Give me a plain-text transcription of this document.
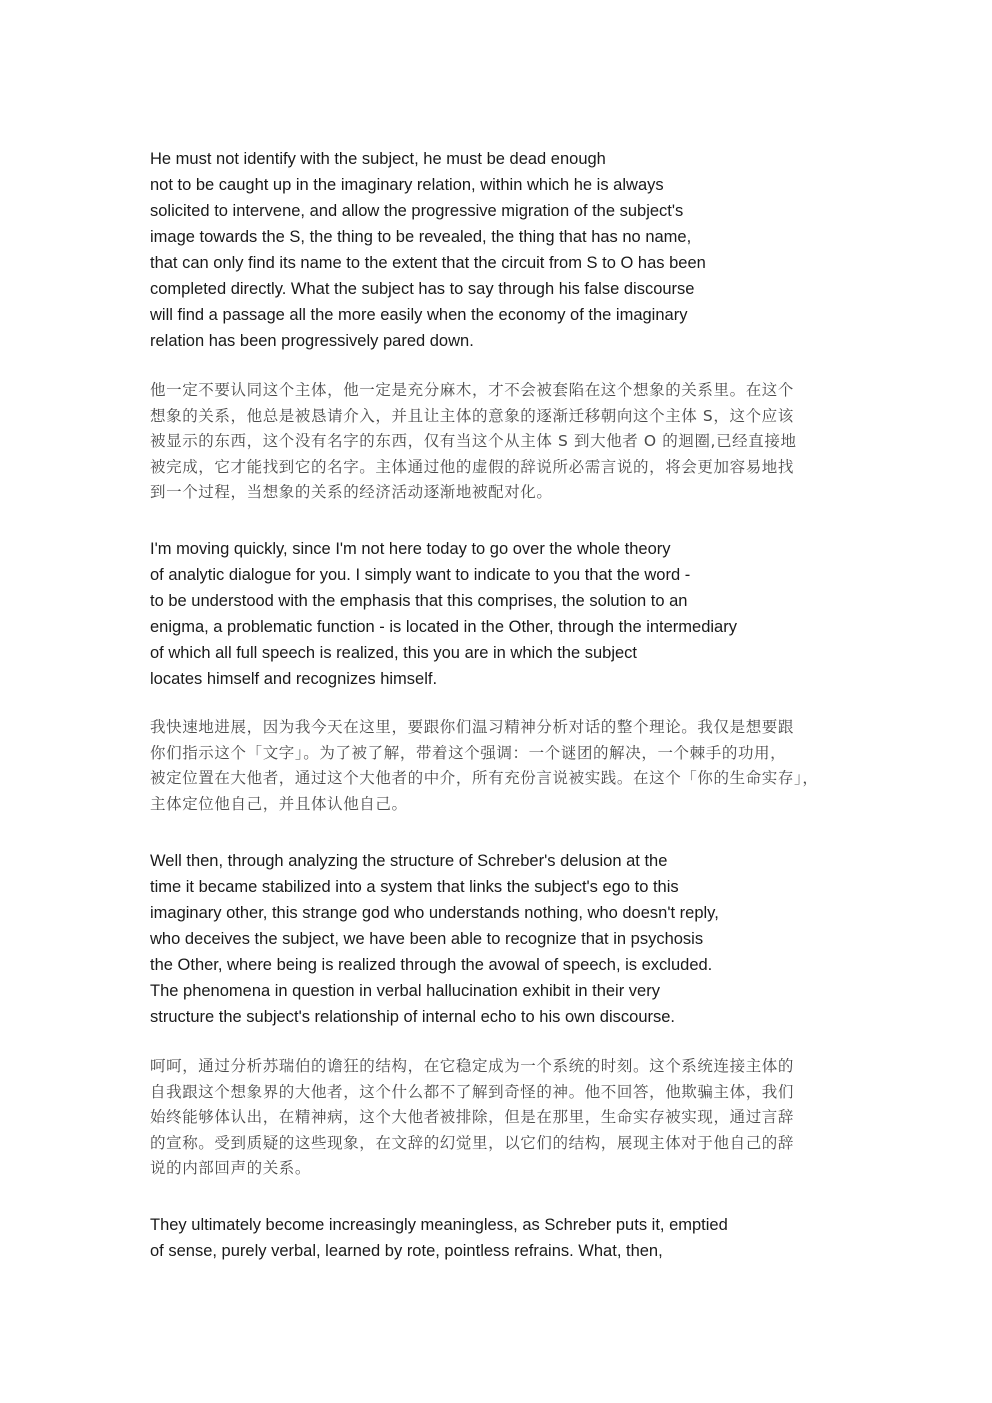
He must not identify with the subject, he must be dead enough
not to be caught up in the imaginary relation, within which he is always
solicited to intervene, and allow the progressive migration of the subject's
image towards the S, the thing to be revealed, the thing that has no name,
that can only find its name to the extent that the circuit from S to O has been
completed directly. What the subject has to say through his false discourse
will find a passage all the more easily when the economy of the imaginary
relation has been progressively pared down.
他一定不要认同这个主体，他一定是充分麻木，才不会被套陷在这个想象的关系里。在这个
想象的关系，他总是被恳请介入，并且让主体的意象的逐渐迁移朝向这个主体 S，这个应该
被显示的东西，这个没有名字的东西，仅有当这个从主体 S 到大他者 O 的迴圈,已经直接地
被完成，它才能找到它的名字。主体通过他的虚假的辞说所必需言说的，将会更加容易地找
到一个过程，当想象的关系的经济活动逐渐地被配对化。
I'm moving quickly, since I'm not here today to go over the whole theory
of analytic dialogue for you. I simply want to indicate to you that the word -
to be understood with the emphasis that this comprises, the solution to an
enigma, a problematic function - is located in the Other, through the intermediary
of which all full speech is realized, this you are in which the subject
locates himself and recognizes himself.
我快速地进展，因为我今天在这里，要跟你们温习精神分析对话的整个理论。我仅是想要跟
你们指示这个「文字」。为了被了解，带着这个强调：一个谜团的解决，一个棘手的功用，
被定位置在大他者，通过这个大他者的中介，所有充份言说被实践。在这个「你的生命实存」，
主体定位他自己，并且体认他自己。
Well then, through analyzing the structure of Schreber's delusion at the
time it became stabilized into a system that links the subject's ego to this
imaginary other, this strange god who understands nothing, who doesn't reply,
who deceives the subject, we have been able to recognize that in psychosis
the Other, where being is realized through the avowal of speech, is excluded.
The phenomena in question in verbal hallucination exhibit in their very
structure the subject's relationship of internal echo to his own discourse.
呵呵，通过分析苏瑞伯的谵狂的结构，在它稳定成为一个系统的时刻。这个系统连接主体的
自我跟这个想象界的大他者，这个什么都不了解到奇怪的神。他不回答，他欺骗主体，我们
始终能够体认出，在精神病，这个大他者被排除，但是在那里，生命实存被实现，通过言辞
的宣称。受到质疑的这些现象，在文辞的幻觉里，以它们的结构，展现主体对于他自己的辞
说的内部回声的关系。
They ultimately become increasingly meaningless, as Schreber puts it, emptied
of sense, purely verbal, learned by rote, pointless refrains. What, then,
